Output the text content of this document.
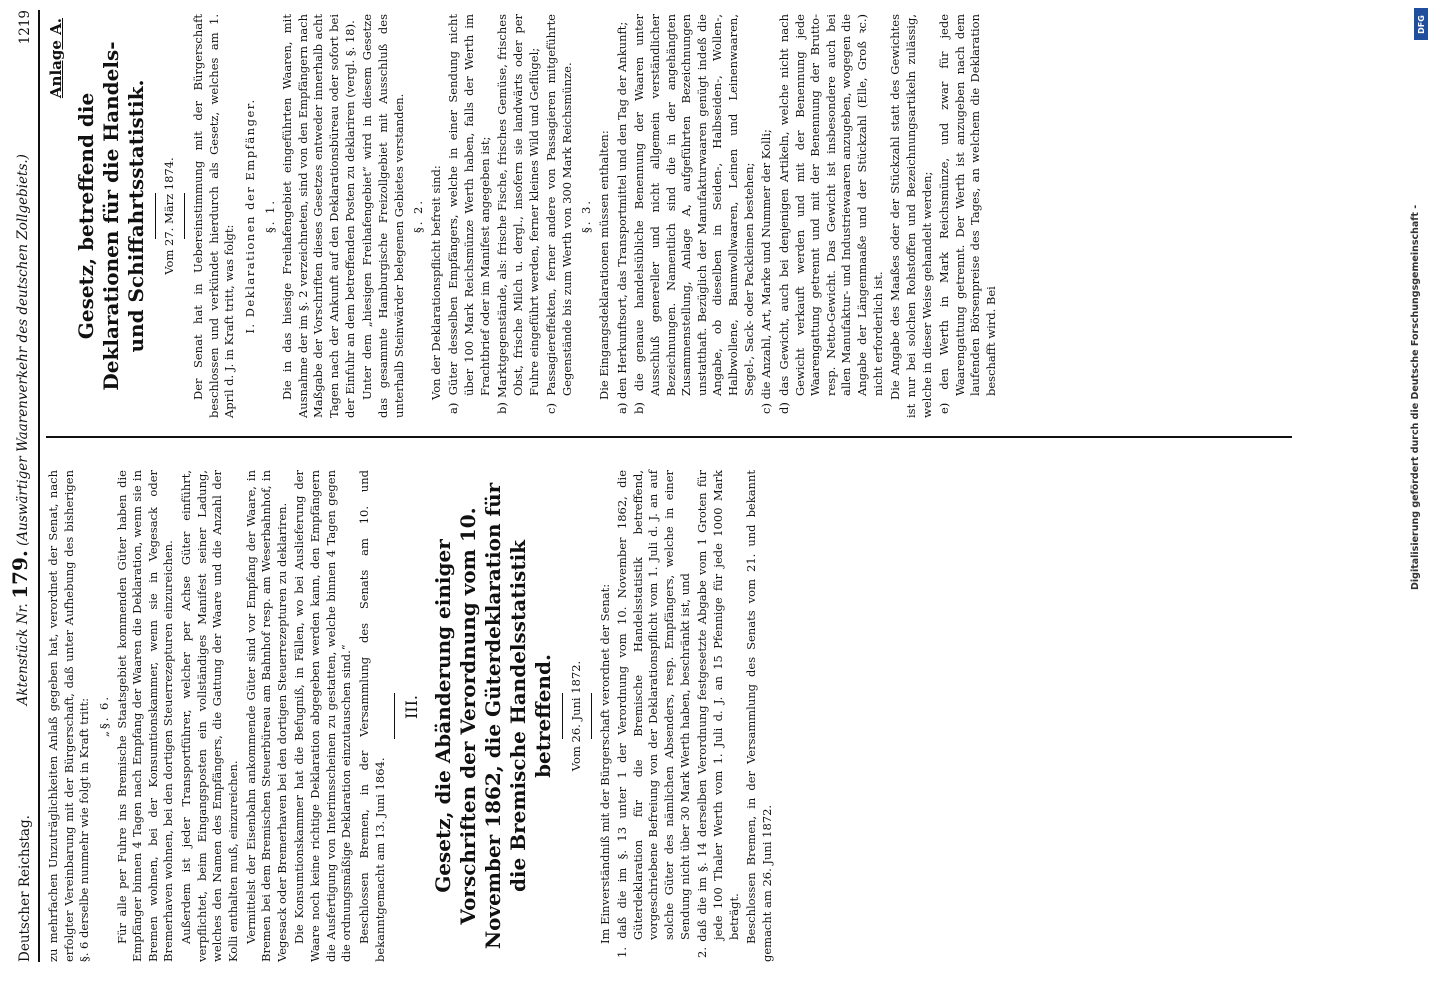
Deutscher Reichstag.
Aktenstück Nr. 179. (Auswärtiger Waarenverkehr des deutschen Zollgebiets.)
1219

zu mehrfachen Unzuträglichkeiten Anlaß gegeben hat, verordnet der Senat, nach erfolgter Vereinbarung mit der Bürgerschaft, daß unter Aufhebung des bisherigen §. 6 derselbe nunmehr wie folgt in Kraft tritt: „§. 6. Für alle per Fuhre ins Bremische Staatsgebiet kommenden Güter haben die Empfänger binnen 4 Tagen nach Empfang der Waaren die Deklaration, wenn sie in Bremen wohnen, bei der Konsumtionskammer, wenn sie in Vegesack oder Bremerhaven wohnen, bei den dortigen Steuerrezepturen einzureichen. Außerdem ist jeder Transportführer, welcher per Achse Güter einführt, verpflichtet, beim Eingangsposten ein vollständiges Manifest seiner Ladung, welches den Namen des Empfängers, die Gattung der Waare und die Anzahl der Kolli enthalten muß, einzureichen. Vermittelst der Eisenbahn ankommende Güter sind vor Empfang der Waare, in Bremen bei dem Bremischen Steuerbüreau am Bahnhof resp. am Weserbahnhof, in Vegesack oder Bremerhaven bei den dortigen Steuerrezepturen zu deklariren. Die Konsumtionskammer hat die Befugniß, in Fällen, wo bei Auslieferung der Waare noch keine richtige Deklaration abgegeben werden kann, den Empfängern die Ausfertigung von Interimsscheinen zu gestatten, welche binnen 4 Tagen gegen die ordnungsmäßige Deklaration einzutauschen sind.“ Beschlossen Bremen, in der Versammlung des Senats am 10. und bekanntgemacht am 13. Juni 1864.

III. Gesetz, die Abänderung einiger Vorschriften der Verordnung vom 10. November 1862, die Güterdeklaration für die Bremische Handelsstatistik betreffend. Vom 26. Juni 1872. Im Einverständniß mit der Bürgerschaft verordnet der Senat: 1. daß die im §. 13 unter 1 der Verordnung vom 10. November 1862, die Güterdeklaration für die Bremische Handelsstatistik betreffend, vorgeschriebene Befreiung von der Deklarationspflicht vom 1. Juli d. J. an auf solche Güter des nämlichen Absenders, resp. Empfängers, welche in einer Sendung nicht über 30 Mark Werth haben, beschränkt ist, und 2. daß die im §. 14 derselben Verordnung festgesetzte Abgabe vom 1 Groten für jede 100 Thaler Werth vom 1. Juli d. J. an 15 Pfennige für jede 1000 Mark beträgt. Beschlossen Bremen, in der Versammlung des Senats vom 21. und bekannt gemacht am 26. Juni 1872.

Anlage A.

Gesetz, betreffend die Deklarationen für die Handels- und Schiffahrtsstatistik. Vom 27. März 1874. Der Senat hat in Uebereinstimmung mit der Bürgerschaft beschlossen und verkündet hierdurch als Gesetz, welches am 1. April d. J. in Kraft tritt, was folgt: I. Deklarationen der Empfänger. §. 1. Die in das hiesige Freihafengebiet eingeführten Waaren, mit Ausnahme der im §. 2 verzeichneten, sind von den Empfängern nach Maßgabe der Vorschriften dieses Gesetzes entweder innerhalb acht Tagen nach der Ankunft auf den Deklarationsbüreau oder sofort bei der Einfuhr an dem betreffenden Posten zu deklariren (vergl. §. 18). Unter dem „hiesigen Freihafengebiet“ wird in diesem Gesetze das gesammte Hamburgische Freizollgebiet mit Ausschluß des unterhalb Steinwärder belegenen Gebietes verstanden. §. 2. Von der Deklarationspflicht befreit sind: a) Güter desselben Empfängers, welche in einer Sendung nicht über 100 Mark Reichsmünze Werth haben, falls der Werth im Frachtbrief oder im Manifest angegeben ist; b) Marktgegenstände, als: frische Fische, frisches Gemüse, frisches Obst, frische Milch u. dergl., insofern sie landwärts oder per Fuhre eingeführt werden, ferner kleines Wild und Geflügel; c) Passagiereffekten, ferner andere von Passagieren mitgeführte Gegenstände bis zum Werth von 300 Mark Reichsmünze. §. 3. Die Eingangsdeklarationen müssen enthalten: a) den Herkunftsort, das Transportmittel und den Tag der Ankunft; b) die genaue handelsübliche Benennung der Waaren unter Ausschluß genereller und nicht allgemein verständlicher Bezeichnungen. Namentlich sind die in der angehängten Zusammenstellung, Anlage A, aufgeführten Bezeichnungen unstatthaft. Bezüglich der Manufakturwaaren genügt indeß die Angabe, ob dieselben in Seiden-, Halbseiden-, Wollen-, Halbwollene, Baumwollwaaren, Leinen und Leinenwaaren, Segel-, Sack- oder Packleinen bestehen; c) die Anzahl, Art, Marke und Nummer der Kolli; d) das Gewicht, auch bei denjenigen Artikeln, welche nicht nach Gewicht verkauft werden und mit der Benennung jede Waarengattung getrennt und mit der Benennung der Brutto- resp. Netto-Gewicht. Das Gewicht ist insbesondere auch bei allen Manufaktur- und Industriewaaren anzugeben, wogegen die Angabe der Längenmaaße und der Stückzahl (Elle, Groß ꝛc.) nicht erforderlich ist. Die Angabe des Maaßes oder der Stückzahl statt des Gewichtes ist nur bei solchen Rohstoffen und Bezeichnungsartikeln zulässig, welche in dieser Weise gehandelt werden; e) den Werth in Mark Reichsmünze, und zwar für jede Waarengattung getrennt. Der Werth ist anzugeben nach dem laufenden Börsenpreise des Tages, an welchem die Deklaration beschafft wird. Bei	Digitalisierung gefördert durch die Deutsche Forschungsgemeinschaft -
DFG
